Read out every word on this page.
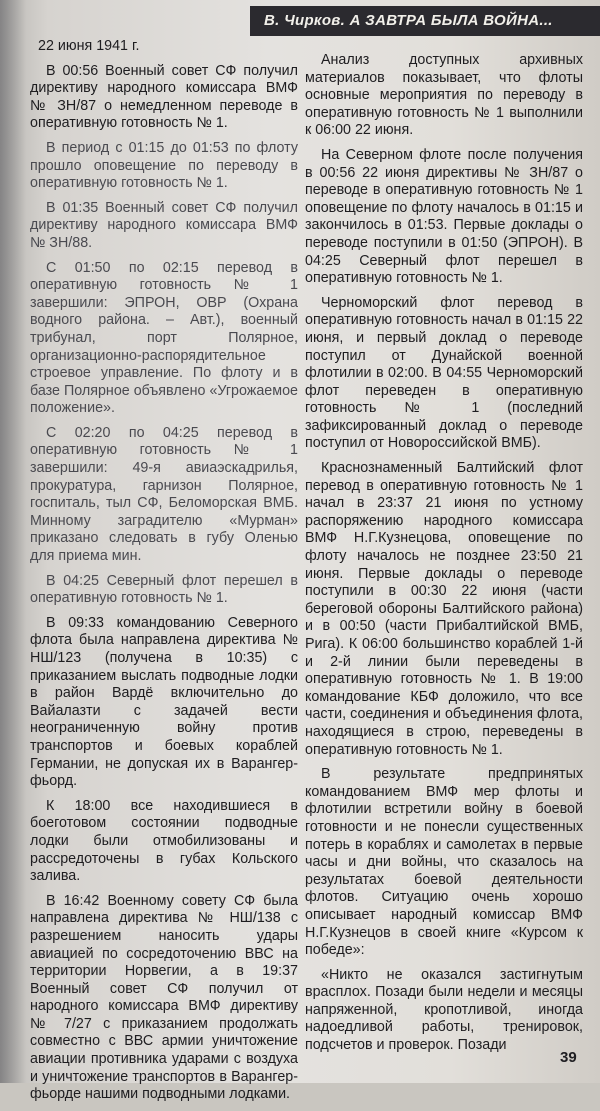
В. Чирков. А ЗАВТРА БЫЛА ВОЙНА...

22 июня 1941 г.

В 00:56 Военный совет СФ получил директиву народного комиссара ВМФ № ЗН/87 о немедленном переводе в оперативную готовность № 1.

В период с 01:15 до 01:53 по флоту прошло оповещение по переводу в оперативную готовность № 1.

В 01:35 Военный совет СФ получил директиву народного комиссара ВМФ № ЗН/88.

С 01:50 по 02:15 перевод в оперативную готовность № 1 завершили: ЭПРОН, ОВР (Охрана водного района. – Авт.), военный трибунал, порт Полярное, организационно-распорядительное строевое управление. По флоту и в базе Полярное объявлено «Угрожаемое положение».

С 02:20 по 04:25 перевод в оперативную готовность № 1 завершили: 49-я авиаэскадрилья, прокуратура, гарнизон Полярное, госпиталь, тыл СФ, Беломорская ВМБ. Минному заградителю «Мурман» приказано следовать в губу Оленью для приема мин.

В 04:25 Северный флот перешел в оперативную готовность № 1.

В 09:33 командованию Северного флота была направлена директива № НШ/123 (получена в 10:35) с приказанием выслать подводные лодки в район Вардё включительно до Вайалазти с задачей вести неограниченную войну против транспортов и боевых кораблей Германии, не допуская их в Варангер-фьорд.

К 18:00 все находившиеся в боеготовом состоянии подводные лодки были отмобилизованы и рассредоточены в губах Кольского залива.

В 16:42 Военному совету СФ была направлена директива № НШ/138 с разрешением наносить удары авиацией по сосредоточению ВВС на территории Норвегии, а в 19:37 Военный совет СФ получил от народного комиссара ВМФ директиву № 7/27 с приказанием продолжать совместно с ВВС армии уничтожение авиации противника ударами с воздуха и уничтожение транспортов в Варангер-фьорде нашими подводными лодками.

Анализ доступных архивных материалов показывает, что флоты основные мероприятия по переводу в оперативную готовность № 1 выполнили к 06:00 22 июня.

На Северном флоте после получения в 00:56 22 июня директивы № ЗН/87 о переводе в оперативную готовность № 1 оповещение по флоту началось в 01:15 и закончилось в 01:53. Первые доклады о переводе поступили в 01:50 (ЭПРОН). В 04:25 Северный флот перешел в оперативную готовность № 1.

Черноморский флот перевод в оперативную готовность начал в 01:15 22 июня, и первый доклад о переводе поступил от Дунайской военной флотилии в 02:00. В 04:55 Черноморский флот переведен в оперативную готовность № 1 (последний зафиксированный доклад о переводе поступил от Новороссийской ВМБ).

Краснознаменный Балтийский флот перевод в оперативную готовность № 1 начал в 23:37 21 июня по устному распоряжению народного комиссара ВМФ Н.Г.Кузнецова, оповещение по флоту началось не позднее 23:50 21 июня. Первые доклады о переводе поступили в 00:30 22 июня (части береговой обороны Балтийского района) и в 00:50 (части Прибалтийской ВМБ, Рига). К 06:00 большинство кораблей 1-й и 2-й линии были переведены в оперативную готовность № 1. В 19:00 командование КБФ доложило, что все части, соединения и объединения флота, находящиеся в строю, переведены в оперативную готовность № 1.

В результате предпринятых командованием ВМФ мер флоты и флотилии встретили войну в боевой готовности и не понесли существенных потерь в кораблях и самолетах в первые часы и дни войны, что сказалось на результатах боевой деятельности флотов. Ситуацию очень хорошо описывает народный комиссар ВМФ Н.Г.Кузнецов в своей книге «Курсом к победе»:

«Никто не оказался застигнутым врасплох. Позади были недели и месяцы напряженной, кропотливой, иногда надоедливой работы, тренировок, подсчетов и проверок. Позади

39
